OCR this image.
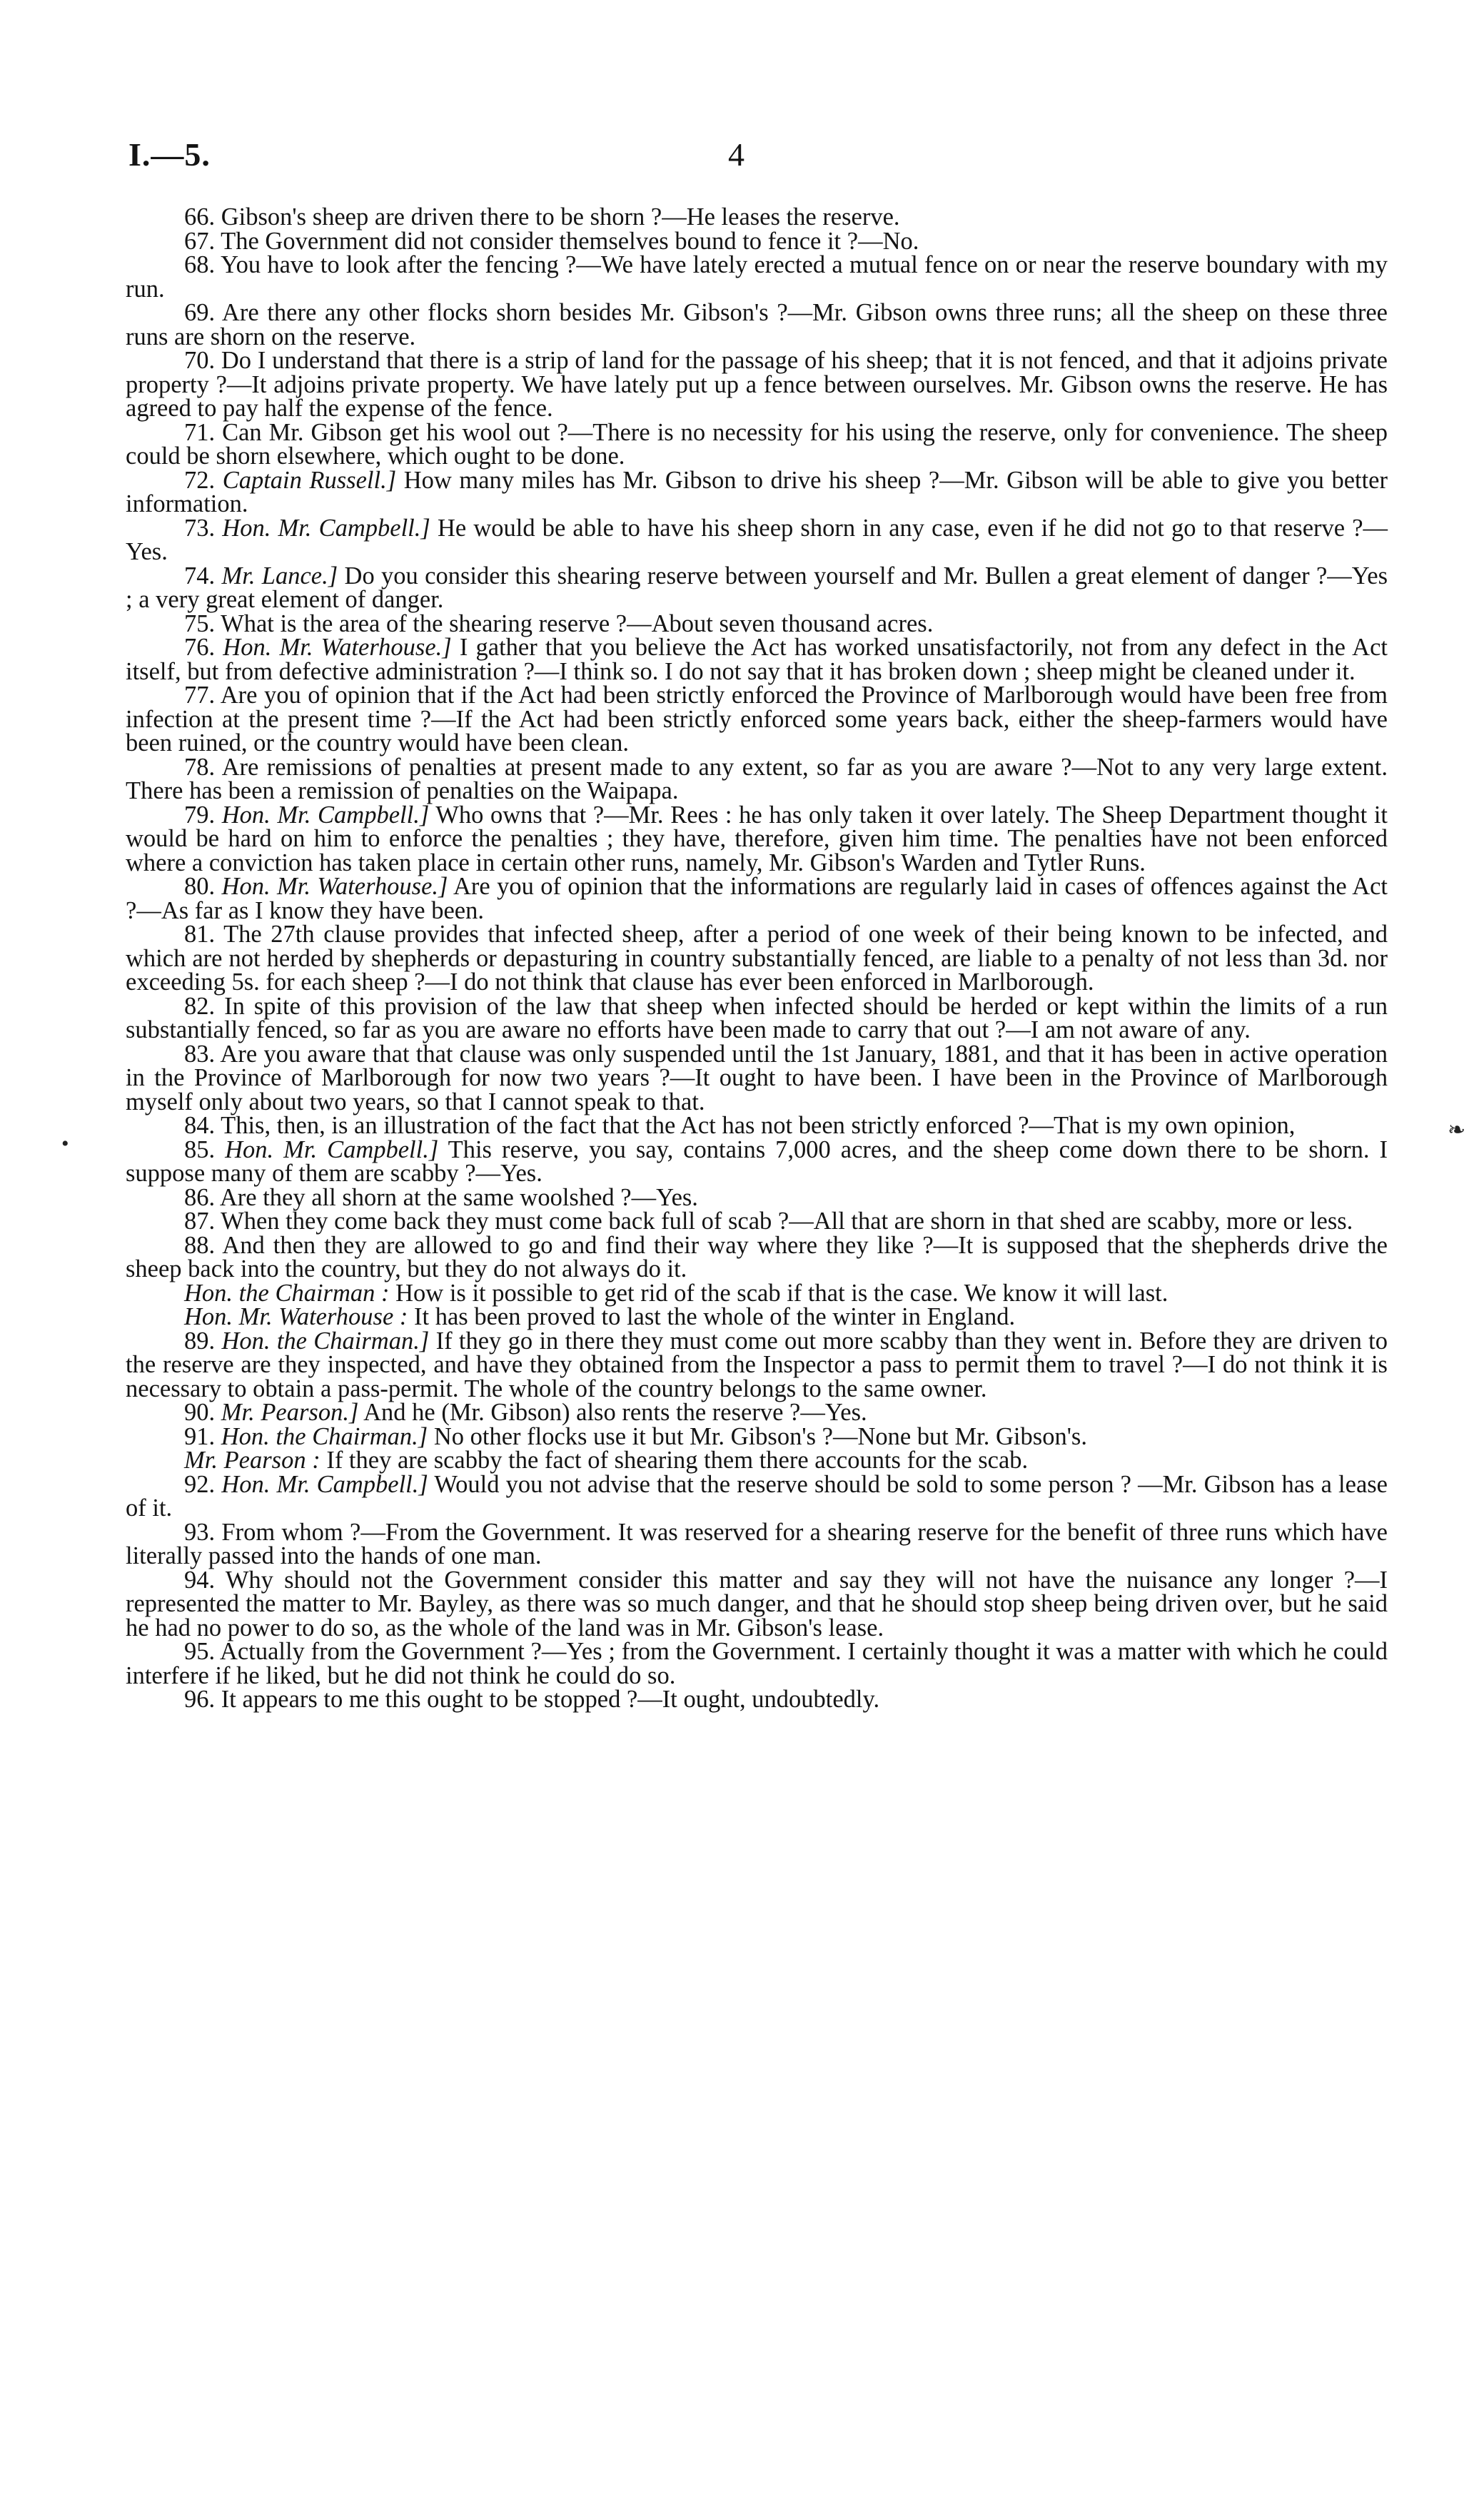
I.—5.	4

66. Gibson's sheep are driven there to be shorn ?—He leases the reserve.

67. The Government did not consider themselves bound to fence it ?—No.

68. You have to look after the fencing ?—We have lately erected a mutual fence on or near the reserve boundary with my run.

69. Are there any other flocks shorn besides Mr. Gibson's ?—Mr. Gibson owns three runs; all the sheep on these three runs are shorn on the reserve.

70. Do I understand that there is a strip of land for the passage of his sheep; that it is not fenced, and that it adjoins private property ?—It adjoins private property. We have lately put up a fence between ourselves. Mr. Gibson owns the reserve. He has agreed to pay half the expense of the fence.

71. Can Mr. Gibson get his wool out ?—There is no necessity for his using the reserve, only for convenience. The sheep could be shorn elsewhere, which ought to be done.

72. Captain Russell.] How many miles has Mr. Gibson to drive his sheep ?—Mr. Gibson will be able to give you better information.

73. Hon. Mr. Campbell.] He would be able to have his sheep shorn in any case, even if he did not go to that reserve ?—Yes.

74. Mr. Lance.] Do you consider this shearing reserve between yourself and Mr. Bullen a great element of danger ?—Yes ; a very great element of danger.

75. What is the area of the shearing reserve ?—About seven thousand acres.

76. Hon. Mr. Waterhouse.] I gather that you believe the Act has worked unsatisfactorily, not from any defect in the Act itself, but from defective administration ?—I think so. I do not say that it has broken down ; sheep might be cleaned under it.

77. Are you of opinion that if the Act had been strictly enforced the Province of Marlborough would have been free from infection at the present time ?—If the Act had been strictly enforced some years back, either the sheep-farmers would have been ruined, or the country would have been clean.

78. Are remissions of penalties at present made to any extent, so far as you are aware ?—Not to any very large extent. There has been a remission of penalties on the Waipapa.

79. Hon. Mr. Campbell.] Who owns that ?—Mr. Rees : he has only taken it over lately. The Sheep Department thought it would be hard on him to enforce the penalties ; they have, therefore, given him time. The penalties have not been enforced where a conviction has taken place in certain other runs, namely, Mr. Gibson's Warden and Tytler Runs.

80. Hon. Mr. Waterhouse.] Are you of opinion that the informations are regularly laid in cases of offences against the Act ?—As far as I know they have been.

81. The 27th clause provides that infected sheep, after a period of one week of their being known to be infected, and which are not herded by shepherds or depasturing in country substantially fenced, are liable to a penalty of not less than 3d. nor exceeding 5s. for each sheep ?—I do not think that clause has ever been enforced in Marlborough.

82. In spite of this provision of the law that sheep when infected should be herded or kept within the limits of a run substantially fenced, so far as you are aware no efforts have been made to carry that out ?—I am not aware of any.

83. Are you aware that that clause was only suspended until the 1st January, 1881, and that it has been in active operation in the Province of Marlborough for now two years ?—It ought to have been. I have been in the Province of Marlborough myself only about two years, so that I cannot speak to that.

84. This, then, is an illustration of the fact that the Act has not been strictly enforced ?—That is my own opinion,

85. Hon. Mr. Campbell.] This reserve, you say, contains 7,000 acres, and the sheep come down there to be shorn. I suppose many of them are scabby ?—Yes.

86. Are they all shorn at the same woolshed ?—Yes.

87. When they come back they must come back full of scab ?—All that are shorn in that shed are scabby, more or less.

88. And then they are allowed to go and find their way where they like ?—It is supposed that the shepherds drive the sheep back into the country, but they do not always do it.

Hon. the Chairman : How is it possible to get rid of the scab if that is the case. We know it will last.

Hon. Mr. Waterhouse : It has been proved to last the whole of the winter in England.

89. Hon. the Chairman.] If they go in there they must come out more scabby than they went in. Before they are driven to the reserve are they inspected, and have they obtained from the Inspector a pass to permit them to travel ?—I do not think it is necessary to obtain a pass-permit. The whole of the country belongs to the same owner.

90. Mr. Pearson.] And he (Mr. Gibson) also rents the reserve ?—Yes.

91. Hon. the Chairman.] No other flocks use it but Mr. Gibson's ?—None but Mr. Gibson's.

Mr. Pearson : If they are scabby the fact of shearing them there accounts for the scab.

92. Hon. Mr. Campbell.] Would you not advise that the reserve should be sold to some person ? —Mr. Gibson has a lease of it.

93. From whom ?—From the Government. It was reserved for a shearing reserve for the benefit of three runs which have literally passed into the hands of one man.

94. Why should not the Government consider this matter and say they will not have the nuisance any longer ?—I represented the matter to Mr. Bayley, as there was so much danger, and that he should stop sheep being driven over, but he said he had no power to do so, as the whole of the land was in Mr. Gibson's lease.

95. Actually from the Government ?—Yes ; from the Government. I certainly thought it was a matter with which he could interfere if he liked, but he did not think he could do so.

96. It appears to me this ought to be stopped ?—It ought, undoubtedly.

•
❧
